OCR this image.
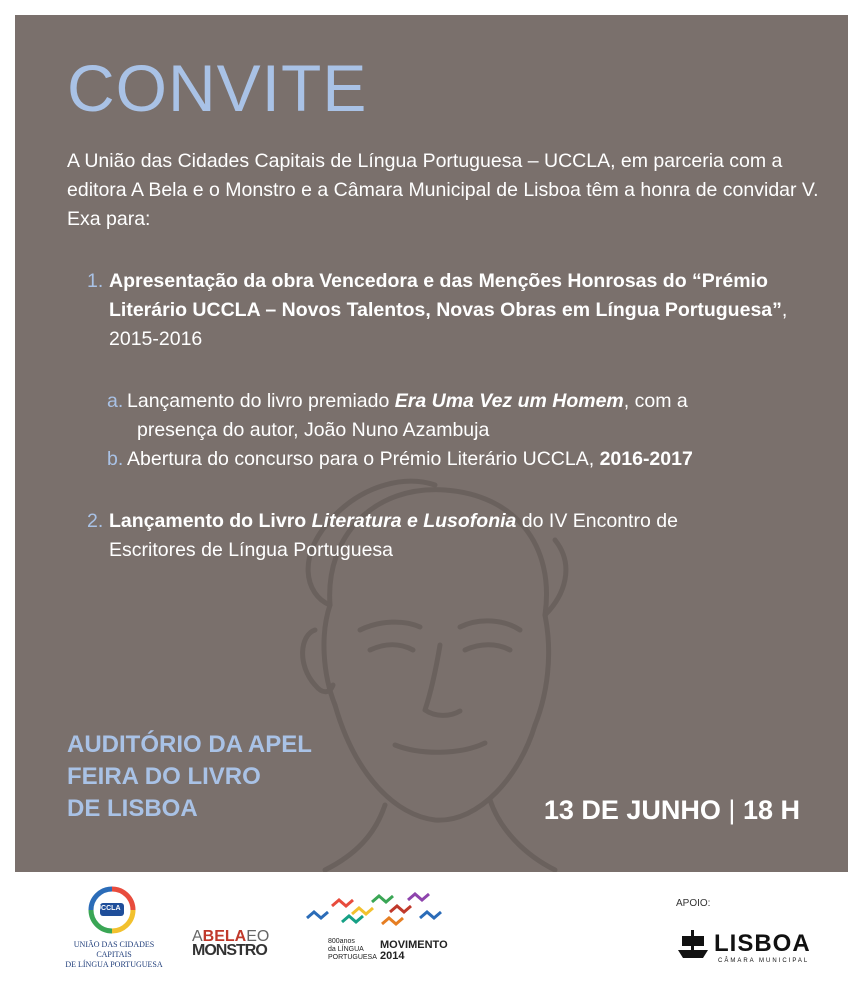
CONVITE
A União das Cidades Capitais de Língua Portuguesa – UCCLA, em parceria com a editora A Bela e o Monstro e a Câmara Municipal de Lisboa têm a honra de convidar V. Exa para:
1. Apresentação da obra Vencedora e das Menções Honrosas do “Prémio Literário UCCLA – Novos Talentos, Novas Obras em Língua Portuguesa”, 2015-2016
a. Lançamento do livro premiado Era Uma Vez um Homem, com a
presença do autor, João Nuno Azambuja
b. Abertura do concurso para o Prémio Literário UCCLA, 2016-2017
2. Lançamento do Livro Literatura e Lusofonia do IV Encontro de
Escritores de Língua Portuguesa
AUDITÓRIO DA APEL
FEIRA DO LIVRO
DE LISBOA	13 DE JUNHO | 18 H
UCCLA
UNIÃO DAS CIDADES CAPITAIS
DE LÍNGUA PORTUGUESA
ABELAEO
MONSTRO
800anos
da LÍNGUA
PORTUGUESA
MOVIMENTO
2014
APOIO:
LISBOA
CÂMARA MUNICIPAL
